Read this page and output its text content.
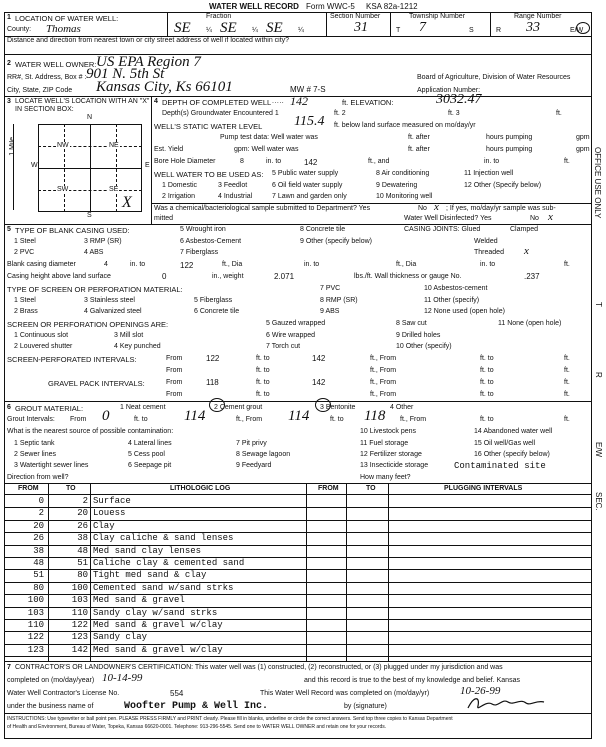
WATER WELL RECORD Form WWC-5 KSA 82a-1212
1 LOCATION OF WATER WELL:
County: Thomas
Fraction
SE ¼ SE ¼ SE ¼
Section Number
31
Township Number
T 7	S
Range Number
R 33	E/W
Distance and direction from nearest town or city street address of well if located within city?
2 WATER WELL OWNER: US EPA Region 7
RR#, St. Address, Box # : 901 N. 5th St
City, State, ZIP Code Kansas City, Ks 66101	MW # 7-S
Board of Agriculture, Division of Water Resources
Application Number:
3 LOCATE WELL'S LOCATION WITH AN "X" IN SECTION BOX:
N
S
W	E
1 Mile	NW	NE
SW	SE
X
4 DEPTH OF COMPLETED WELL ..... 142	ft. ELEVATION:	3032.47
Depth(s) Groundwater Encountered 1	ft. 2	ft. 3	ft.
WELL'S STATIC WATER LEVEL 115.4 ft. below land surface measured on mo/day/yr
Pump test data: Well water was	ft. after	hours pumping	gpm
Est. Yield	gpm: Well water was	ft. after	hours pumping	gpm
Bore Hole Diameter	8	in. to	142	ft., and	in. to	ft.
WELL WATER TO BE USED AS:
1 Domestic	3 Feedlot
5 Public water supply
6 Oil field water supply
8 Air conditioning
9 Dewatering
11 Injection well
12 Other (Specify below)
2 Irrigation	4 Industrial	7 Lawn and garden only	10 Monitoring well
Was a chemical/bacteriological sample submitted to Department? Yes	No x ; If yes, mo/day/yr sample was sub-
mitted	Water Well Disinfected? Yes	No x
5 TYPE OF BLANK CASING USED:
1 Steel
2 PVC
3 RMP (SR)
4 ABS
5 Wrought iron
6 Asbestos-Cement
7 Fiberglass
8 Concrete tile
9 Other (specify below)
CASING JOINTS: Glued	Clamped
Welded
Threaded x
Blank casing diameter	4	in. to	122	ft., Dia	in. to	ft., Dia	in. to	ft.
Casing height above land surface	0	in., weight	2.071	lbs./ft. Wall thickness or gauge No.	.237
TYPE OF SCREEN OR PERFORATION MATERIAL:
1 Steel
2 Brass
3 Stainless steel
4 Galvanized steel
5 Fiberglass
6 Concrete tile
7 PVC
8 RMP (SR)
9 ABS
10 Asbestos-cement
11 Other (specify)
12 None used (open hole)
SCREEN OR PERFORATION OPENINGS ARE:
1 Continuous slot
2 Louvered shutter
3 Mill slot
4 Key punched
5 Gauzed wrapped
6 Wire wrapped
7 Torch cut
8 Saw cut
9 Drilled holes
10 Other (specify)
11 None (open hole)
SCREEN-PERFORATED INTERVALS:	From	122	ft. to	142	ft., From	ft. to	ft.
From	ft. to	ft., From	ft. to	ft.
GRAVEL PACK INTERVALS:	From	118	ft. to	142	ft., From	ft. to	ft.
From	ft. to	ft., From	ft. to	ft.
6 GROUT MATERIAL:	1 Neat cement	2 Cement grout	3 Bentonite	4 Other
Grout Intervals: From 0	ft. to 114	ft., From 114	ft. to 118 ft., From	ft. to	ft.
What is the nearest source of possible contamination:
1 Septic tank
2 Sewer lines
3 Watertight sewer lines
4 Lateral lines
5 Cess pool
6 Seepage pit
7 Pit privy
8 Sewage lagoon
9 Feedyard
10 Livestock pens
11 Fuel storage
12 Fertilizer storage
13 Insecticide storage
14 Abandoned water well
15 Oil well/Gas well
16 Other (specify below)
Contaminated site
Direction from well?	How many feet?
FROM	TO	LITHOLOGIC LOG	FROM	TO	PLUGGING INTERVALS
0	2 Surface
2	20 Louess
20	26 Clay
26	38 Clay caliche & sand lenses
38	48 Med sand clay lenses
48	51 Caliche clay & cemented sand
51	80 Tight med sand & clay
80	100 Cemented sand w/sand strks
100	103 Med sand & gravel
103	110 Sandy clay w/sand strks
110	122 Med sand & gravel w/clay
122	123 Sandy clay
123	142 Med sand & gravel w/clay
7 CONTRACTOR'S OR LANDOWNER'S CERTIFICATION: This water well was (1) constructed, (2) reconstructed, or (3) plugged under my jurisdiction and was
completed on (mo/day/year) 10-14-99	and this record is true to the best of my knowledge and belief. Kansas
Water Well Contractor's License No.	554	This Water Well Record was completed on (mo/day/yr)	10-26-99
under the business name of	Woofter Pump & Well Inc.	by (signature)
INSTRUCTIONS: Use typewriter or ball point pen. PLEASE PRESS FIRMLY and PRINT clearly. Please fill in blanks, underline or circle the correct answers. Send top three copies to Kansas Department
of Health and Environment, Bureau of Water, Topeka, Kansas 66620-0001. Telephone: 913-296-5545. Send one to WATER WELL OWNER and retain one for your records.
OFFICE USE ONLY
T
R
E/W
SEC.
